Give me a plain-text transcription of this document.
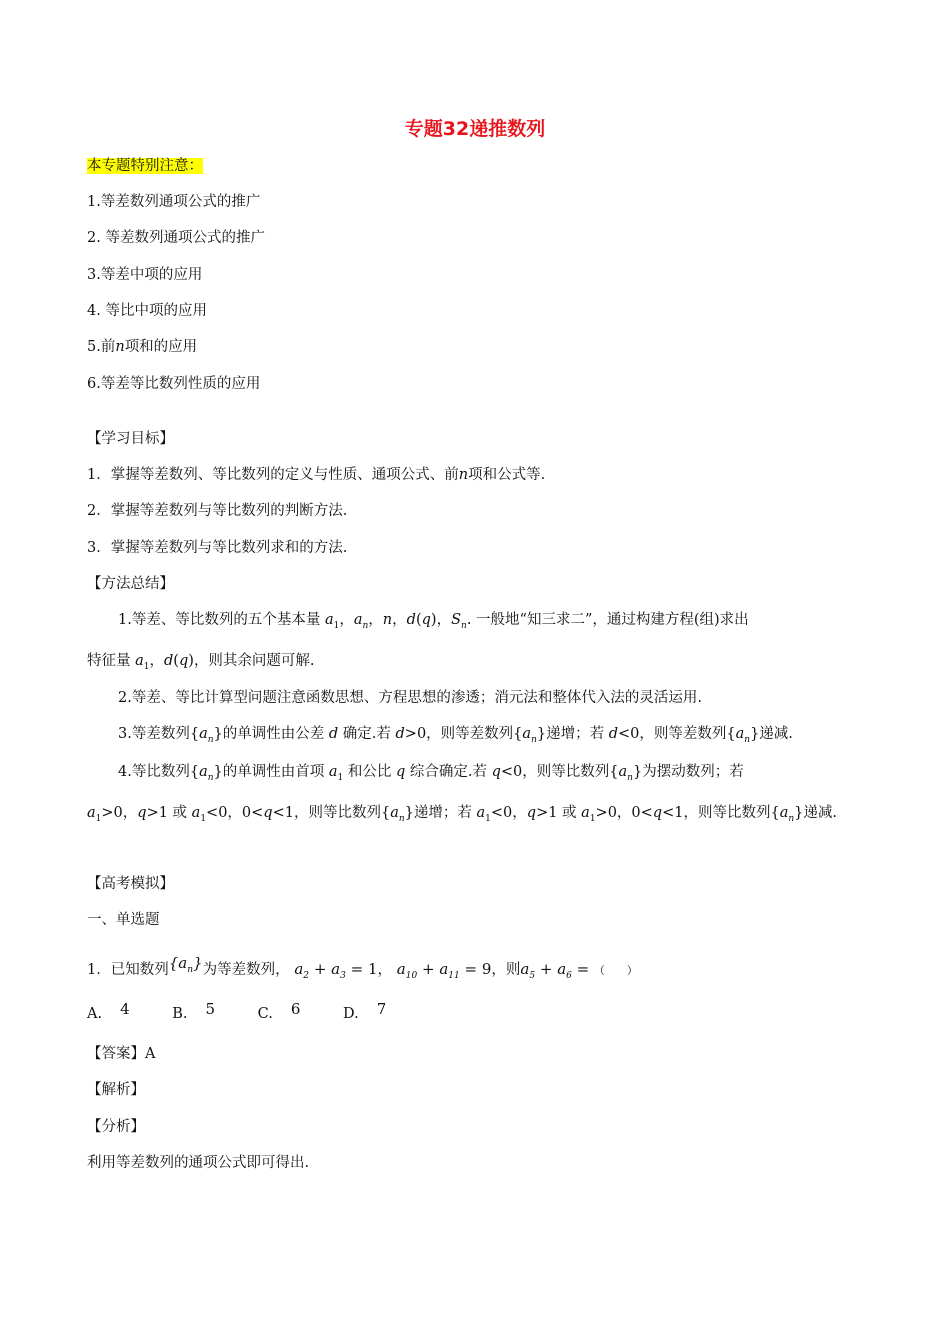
专题32递推数列
本专题特别注意：
1.等差数列通项公式的推广
2. 等差数列通项公式的推广
3.等差中项的应用
4. 等比中项的应用
5.前n项和的应用
6.等差等比数列性质的应用
【学习目标】
1．掌握等差数列、等比数列的定义与性质、通项公式、前n项和公式等.
2．掌握等差数列与等比数列的判断方法.
3．掌握等差数列与等比数列求和的方法.
【方法总结】
1.等差、等比数列的五个基本量 $a_1$，$a_n$，n，d(q)，$S_n$. 一般地“知三求二”，通过构建方程(组)求出
特征量 $a_1$，d(q)，则其余问题可解.
2.等差、等比计算型问题注意函数思想、方程思想的渗透；消元法和整体代入法的灵活运用.
3.等差数列$\{a_n\}$的单调性由公差 d 确定.若 d>0，则等差数列$\{a_n\}$递增；若 d<0，则等差数列$\{a_n\}$递减.
4.等比数列$\{a_n\}$的单调性由首项 $a_1$ 和公比 q 综合确定.若 q<0，则等比数列$\{a_n\}$为摆动数列；若
$a_1>0$，q>1 或 $a_1<0$，0<q<1，则等比数列$\{a_n\}$递增；若 $a_1<0$，q>1 或 $a_1>0$，0<q<1，则等比数列$\{a_n\}$递减.
【高考模拟】
一、单选题
1．已知数列$\{a_n\}$为等差数列， $a_2 + a_3 = 1$， $a_{10} + a_{11} = 9$，则$a_5 + a_6$ = （　　）
A. 4	B. 5	C. 6	D. 7
【答案】A
【解析】
【分析】
利用等差数列的通项公式即可得出.
